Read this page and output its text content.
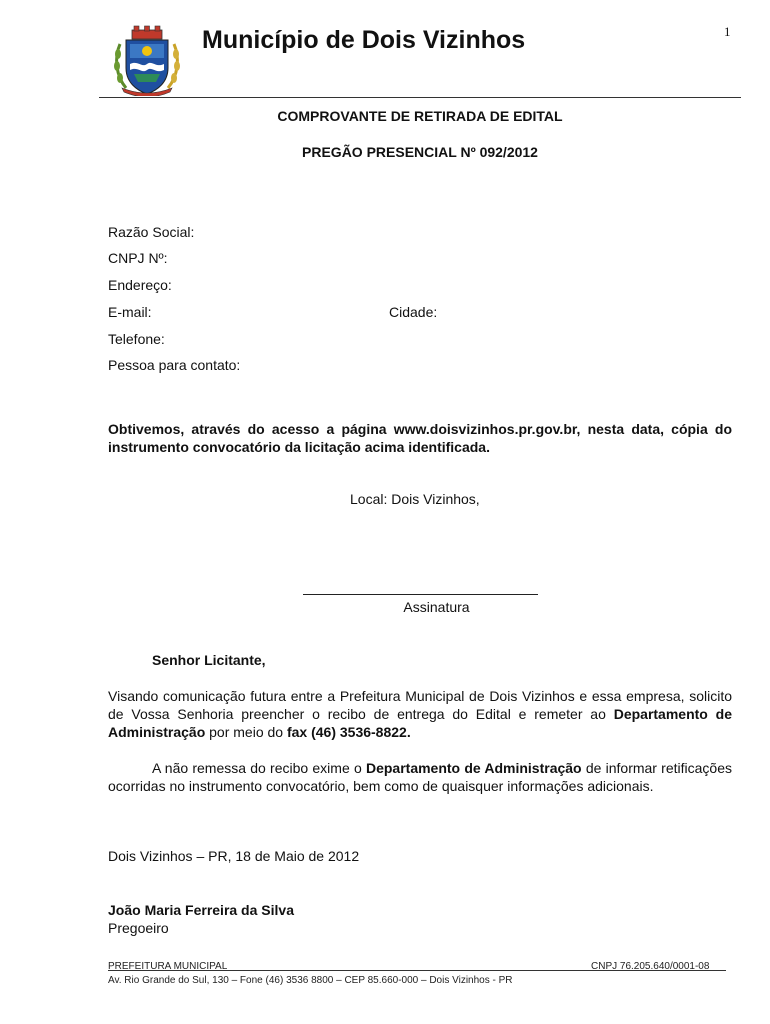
1
Município de Dois Vizinhos
COMPROVANTE DE RETIRADA DE EDITAL
PREGÃO PRESENCIAL Nº 092/2012
Razão Social:
CNPJ Nº:
Endereço:
E-mail:	Cidade:
Telefone:
Pessoa para contato:
Obtivemos, através do acesso a página www.doisvizinhos.pr.gov.br, nesta data, cópia do instrumento convocatório da licitação acima identificada.
Local: Dois Vizinhos,
Assinatura
Senhor Licitante,
Visando comunicação futura entre a Prefeitura Municipal de Dois Vizinhos e essa empresa, solicito de Vossa Senhoria preencher o recibo de entrega do Edital e remeter ao Departamento de Administração por meio do fax (46) 3536-8822.
A não remessa do recibo exime o Departamento de Administração de informar retificações ocorridas no instrumento convocatório, bem como de quaisquer informações adicionais.
Dois Vizinhos – PR, 18 de Maio de 2012
João Maria Ferreira da Silva
Pregoeiro
PREFEITURA MUNICIPAL	CNPJ 76.205.640/0001-08
Av. Rio Grande do Sul, 130 – Fone (46) 3536 8800 – CEP 85.660-000 – Dois Vizinhos - PR
